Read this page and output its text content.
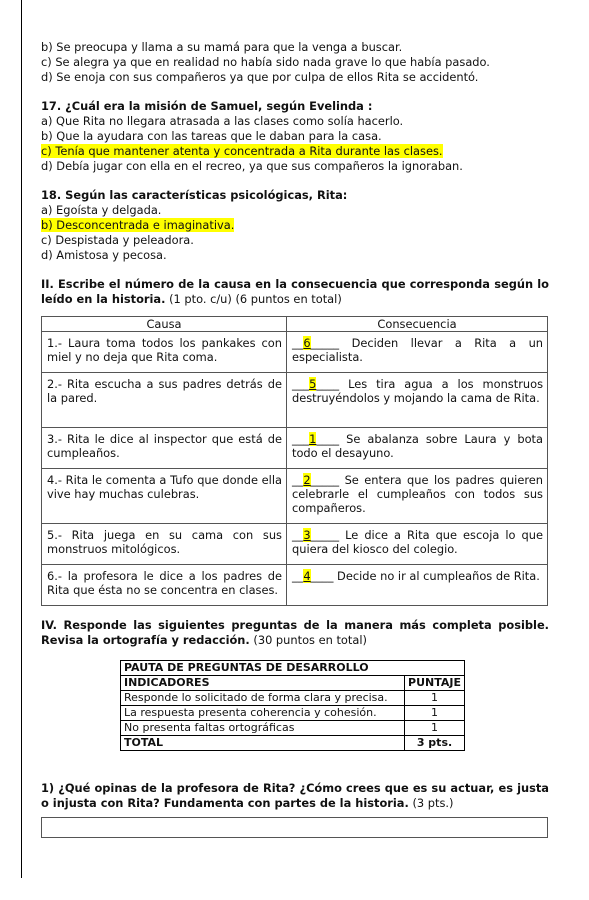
b) Se preocupa y llama a su mamá para que la venga a buscar.

c) Se alegra ya que en realidad no había sido nada grave lo que había pasado.

d) Se enoja con sus compañeros ya que por culpa de ellos Rita se accidentó.

17. ¿Cuál era la misión de Samuel, según Evelinda :

a) Que Rita no llegara atrasada a las clases como solía hacerlo.

b) Que la ayudara con las tareas que le daban para la casa.

c) Tenía que mantener atenta y concentrada a Rita durante las clases.

d) Debía jugar con ella en el recreo, ya que sus compañeros la ignoraban.

18. Según las características psicológicas, Rita:

a) Egoísta y delgada.

b) Desconcentrada e imaginativa.

c) Despistada y peleadora.

d) Amistosa y pecosa.

II. Escribe el número de la causa en la consecuencia que corresponda según lo leído en la historia. (1 pto. c/u) (6 puntos en total)

Causa	Consecuencia
1.- Laura toma todos los pankakes con miel y no deja que Rita coma.	__6_____ Deciden llevar a Rita a un especialista.
2.- Rita escucha a sus padres detrás de la pared.	___5____ Les tira agua a los monstruos destruyéndolos y mojando la cama de Rita.
3.- Rita le dice al inspector que está de cumpleaños.	___1____ Se abalanza sobre Laura y bota todo el desayuno.
4.- Rita le comenta a Tufo que donde ella vive hay muchas culebras.	__2_____ Se entera que los padres quieren celebrarle el cumpleaños con todos sus compañeros.
5.- Rita juega en su cama con sus monstruos mitológicos.	__3_____ Le dice a Rita que escoja lo que quiera del kiosco del colegio.
6.- la profesora le dice a los padres de Rita que ésta no se concentra en clases.	__4____ Decide no ir al cumpleaños de Rita.

IV. Responde las siguientes preguntas de la manera más completa posible. Revisa la ortografía y redacción. (30 puntos en total)

PAUTA DE PREGUNTAS DE DESARROLLO	
INDICADORES	PUNTAJE
Responde lo solicitado de forma clara y precisa.	1
La respuesta presenta coherencia y cohesión.	1
No presenta faltas ortográficas	1
TOTAL	3 pts.

1) ¿Qué opinas de la profesora de Rita? ¿Cómo crees que es su actuar, es justa o injusta con Rita? Fundamenta con partes de la historia. (3 pts.)
